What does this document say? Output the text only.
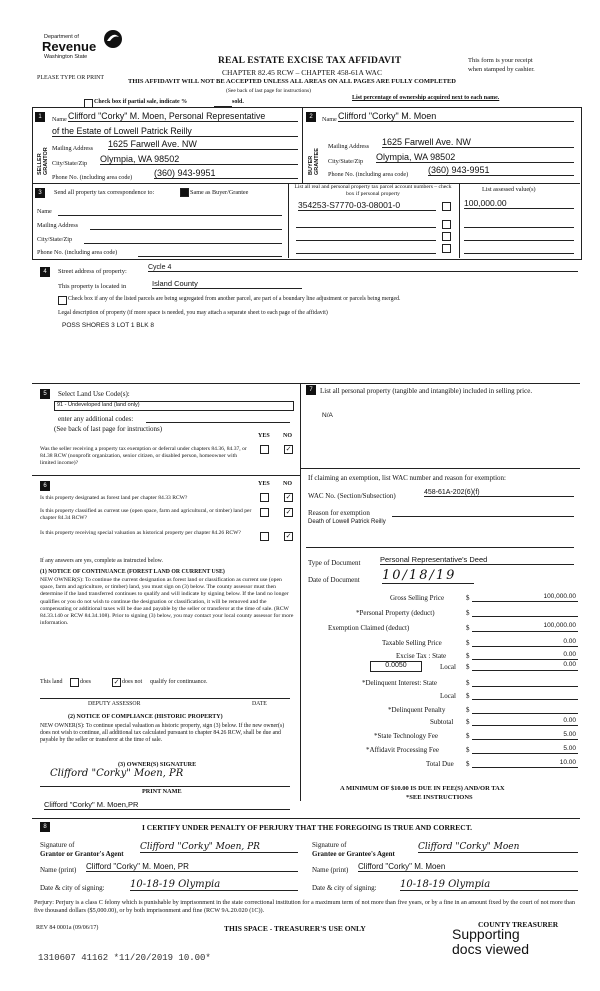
Department of
Revenue
Washington State
PLEASE TYPE OR PRINT
REAL ESTATE EXCISE TAX AFFIDAVIT
CHAPTER 82.45 RCW – CHAPTER 458-61A WAC
THIS AFFIDAVIT WILL NOT BE ACCEPTED UNLESS ALL AREAS ON ALL PAGES ARE FULLY COMPLETED
(See back of last page for instructions)
This form is your receipt
when stamped by cashier.
Check box if partial sale, indicate %	sold.
List percentage of ownership acquired next to each name.
1
SELLER GRANTOR
Name Clifford "Corky" M. Moen, Personal Representative
of the Estate of Lowell Patrick Reilly
Mailing Address 1625 Farwell Ave. NW
City/State/Zip Olympia, WA 98502
Phone No. (including area code) (360) 943-9951
2
BUYER GRANTEE
Name Clifford "Corky" M. Moen
Mailing Address 1625 Farwell Ave. NW
City/State/Zip Olympia, WA 98502
Phone No. (including area code) (360) 943-9951
3	Send all property tax correspondence to:	Same as Buyer/Grantee
Name
Mailing Address
City/State/Zip
Phone No. (including area code)
List all real and personal property tax parcel account numbers – check box if personal property
List assessed value(s)
354253-S7770-03-08001-0	100,000.00
4	Street address of property:
Cycle 4
This property is located in	Island County
Check box if any of the listed parcels are being segregated from another parcel, are part of a boundary line adjustment or parcels being merged.
Legal description of property (if more space is needed, you may attach a separate sheet to each page of the affidavit)
POSS SHORES 3 LOT 1 BLK 8
5	Select Land Use Code(s):
91 - Undeveloped land (land only)
enter any additional codes:
(See back of last page for instructions)
YES NO
Was the seller receiving a property tax exemption or deferral under chapters 84.36, 84.37, or 84.38 RCW (nonprofit organization, senior citizen, or disabled person, homeowner with limited income)?
✓
7	List all personal property (tangible and intangible) included in selling price.
N/A
6	YES NO
Is this property designated as forest land per chapter 84.33 RCW?	✓
Is this property classified as current use (open space, farm and agricultural, or timber) land per chapter 84.34 RCW?
✓
Is this property receiving special valuation as historical property per chapter 84.26 RCW?	✓
If any answers are yes, complete as instructed below.
(1) NOTICE OF CONTINUANCE (FOREST LAND OR CURRENT USE)
NEW OWNER(S): To continue the current designation as forest land or classification as current use (open space, farm and agriculture, or timber) land, you must sign on (3) below. The county assessor must then determine if the land transferred continues to qualify and will indicate by signing below. If the land no longer qualifies or you do not wish to continue the designation or classification, it will be removed and the compensating or additional taxes will be due and payable by the seller or transferor at the time of sale. (RCW 84.33.140 or RCW 84.34.108). Prior to signing (3) below, you may contact your local county assessor for more information.
This land	does	✓ does not qualify for continuance.
DEPUTY ASSESSOR	DATE
(2) NOTICE OF COMPLIANCE (HISTORIC PROPERTY)
NEW OWNER(S): To continue special valuation as historic property, sign (3) below. If the new owner(s) does not wish to continue, all additional tax calculated pursuant to chapter 84.26 RCW, shall be due and payable by the seller or transferor at the time of sale.
(3) OWNER(S) SIGNATURE
Clifford "Corky" Moen, PR
PRINT NAME
Clifford "Corky" M. Moen,PR
If claiming an exemption, list WAC number and reason for exemption:
WAC No. (Section/Subsection)	458-61A-202(6)(f)
Reason for exemption
Death of Lowell Patrick Reilly
Type of Document	Personal Representative's Deed
Date of Document 10/18/19
Gross Selling Price	$	100,000.00
*Personal Property (deduct)	$
Exemption Claimed (deduct)	$	100,000.00
Taxable Selling Price	$	0.00
Excise Tax : State	$	0.00
0.0050	Local $	0.00
*Delinquent Interest: State	$
Local $
*Delinquent Penalty	$
Subtotal $	0.00
*State Technology Fee	$	5.00
*Affidavit Processing Fee	$	5.00
Total Due $	10.00
A MINIMUM OF $10.00 IS DUE IN FEE(S) AND/OR TAX
*SEE INSTRUCTIONS
8	I CERTIFY UNDER PENALTY OF PERJURY THAT THE FOREGOING IS TRUE AND CORRECT.
Signature of
Grantor or Grantor's Agent
Clifford "Corky" Moen, PR
Name (print) Clifford "Corky" M. Moen, PR
Date & city of signing:	10-18-19 Olympia
Signature of
Grantee or Grantee's Agent
Clifford "Corky" Moen
Name (print) Clifford "Corky" M. Moen
Date & city of signing: 10-18-19 Olympia
Perjury: Perjury is a class C felony which is punishable by imprisonment in the state correctional institution for a maximum term of not more than five years, or by a fine in an amount fixed by the court of not more than five thousand dollars ($5,000.00), or by both imprisonment and fine (RCW 9A.20.020 (1C)).
REV 84 0001a (09/06/17)	THIS SPACE - TREASURER'S USE ONLY	COUNTY TREASURER
Supporting
docs viewed
1310607 41162 *11/20/2019 10.00*
